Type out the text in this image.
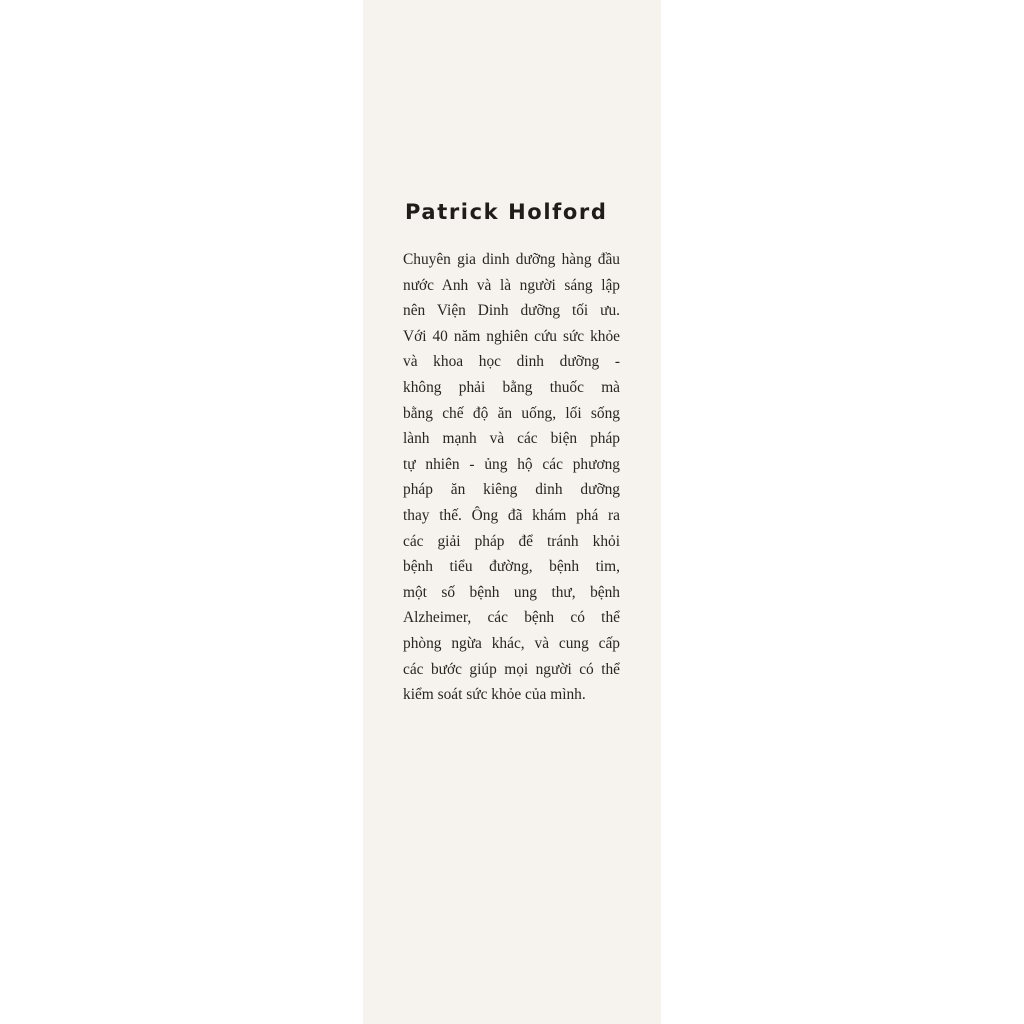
Patrick Holford
Chuyên gia dinh dưỡng hàng đầu
nước Anh và là người sáng lập
nên Viện Dinh dưỡng tối ưu.
Với 40 năm nghiên cứu sức khỏe
và khoa học dinh dưỡng -
không phải bằng thuốc mà
bằng chế độ ăn uống, lối sống
lành mạnh và các biện pháp
tự nhiên - ủng hộ các phương
pháp ăn kiêng dinh dưỡng
thay thế. Ông đã khám phá ra
các giải pháp để tránh khỏi
bệnh tiểu đường, bệnh tim,
một số bệnh ung thư, bệnh
Alzheimer, các bệnh có thể
phòng ngừa khác, và cung cấp
các bước giúp mọi người có thể
kiểm soát sức khỏe của mình.
